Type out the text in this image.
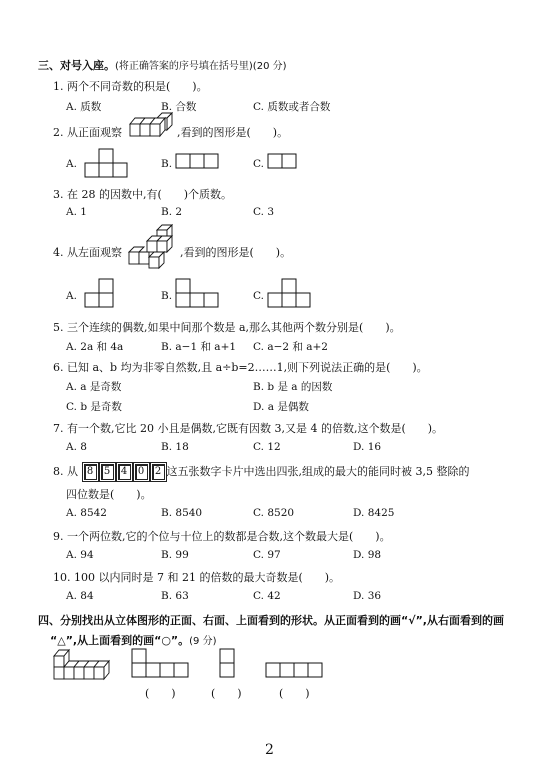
三、对号入座。(将正确答案的序号填在括号里)(20 分)
1. 两个不同奇数的积是(　　)。
A. 质数	B. 合数	C. 质数或者合数
2. 从正面观察	,看到的图形是(　　)。
A.	B.	C.
3. 在 28 的因数中,有(　　)个质数。
A. 1	B. 2	C. 3
4. 从左面观察	,看到的图形是(　　)。
A.	B.	C.
5. 三个连续的偶数,如果中间那个数是 a,那么其他两个数分别是(　　)。
A. 2a 和 4a	B. a−1 和 a+1 C. a−2 和 a+2
6. 已知 a、b 均为非零自然数,且 a÷b=2……1,则下列说法正确的是(　　)。
A. a 是奇数	B. b 是 a 的因数
C. b 是奇数	D. a 是偶数
7. 有一个数,它比 20 小且是偶数,它既有因数 3,又是 4 的倍数,这个数是(　　)。
A. 8	B. 18	C. 12	D. 16
8. 从 8	5	4	0	2 这五张数字卡片中选出四张,组成的最大的能同时被 3,5 整除的
四位数是(　　)。
A. 8542	B. 8540	C. 8520	D. 8425
9. 一个两位数,它的个位与十位上的数都是合数,这个数最大是(　　)。
A. 94	B. 99	C. 97	D. 98
10. 100 以内同时是 7 和 21 的倍数的最大奇数是(　　)。
A. 84	B. 63	C. 42	D. 36
四、分别找出从立体图形的正面、右面、上面看到的形状。从正面看到的画“√”,从右面看到的画
“△”,从上面看到的画“○”。(9 分)
(　　)	(　　)	(　　)
2
